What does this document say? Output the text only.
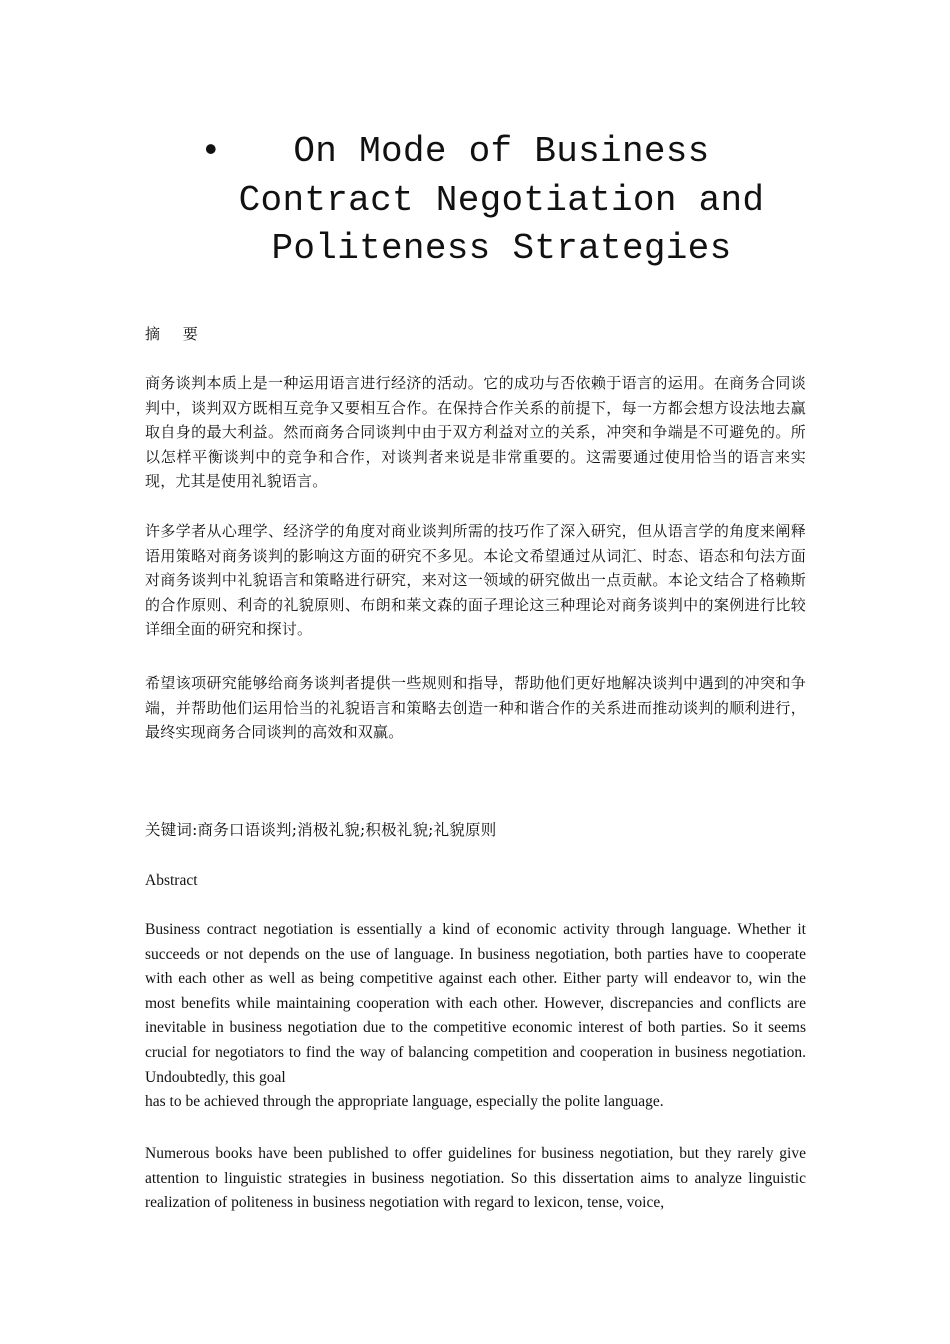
•	On Mode of Business Contract Negotiation and Politeness Strategies

摘 要

商务谈判本质上是一种运用语言进行经济的活动。它的成功与否依赖于语言的运用。在商务合同谈判中，谈判双方既相互竞争又要相互合作。在保持合作关系的前提下，每一方都会想方设法地去赢取自身的最大利益。然而商务合同谈判中由于双方利益对立的关系，冲突和争端是不可避免的。所以怎样平衡谈判中的竞争和合作，对谈判者来说是非常重要的。这需要通过使用恰当的语言来实现，尤其是使用礼貌语言。

许多学者从心理学、经济学的角度对商业谈判所需的技巧作了深入研究，但从语言学的角度来阐释语用策略对商务谈判的影响这方面的研究不多见。本论文希望通过从词汇、时态、语态和句法方面对商务谈判中礼貌语言和策略进行研究，来对这一领域的研究做出一点贡献。本论文结合了格赖斯的合作原则、利奇的礼貌原则、布朗和莱文森的面子理论这三种理论对商务谈判中的案例进行比较详细全面的研究和探讨。

希望该项研究能够给商务谈判者提供一些规则和指导，帮助他们更好地解决谈判中遇到的冲突和争端，并帮助他们运用恰当的礼貌语言和策略去创造一种和谐合作的关系进而推动谈判的顺利进行，最终实现商务合同谈判的高效和双赢。

关键词:商务口语谈判;消极礼貌;积极礼貌;礼貌原则

Abstract

Business contract negotiation is essentially a kind of economic activity through language. Whether it succeeds or not depends on the use of language. In business negotiation, both parties have to cooperate with each other as well as being competitive against each other. Either party will endeavor to, win the most benefits while maintaining cooperation with each other. However, discrepancies and conflicts are inevitable in business negotiation due to the competitive economic interest of both parties. So it seems crucial for negotiators to find the way of balancing competition and cooperation in business negotiation. Undoubtedly, this goal
has to be achieved through the appropriate language, especially the polite language.

Numerous books have been published to offer guidelines for business negotiation, but they rarely give attention to linguistic strategies in business negotiation. So this dissertation aims to analyze linguistic realization of politeness in business negotiation with regard to lexicon, tense, voice,
